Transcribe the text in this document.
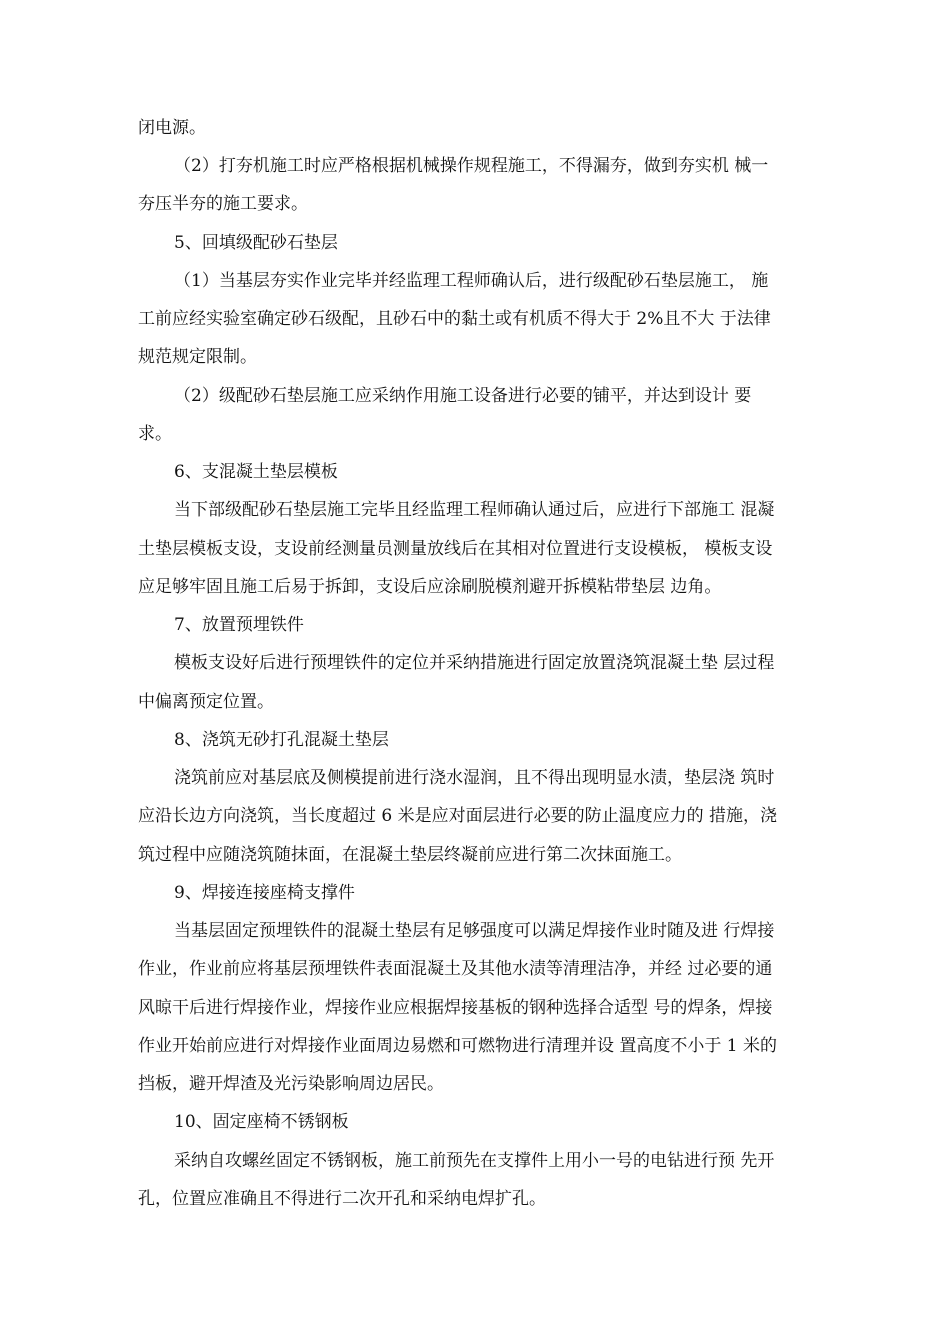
闭电源。
（2）打夯机施工时应严格根据机械操作规程施工，不得漏夯，做到夯实机 械一
夯压半夯的施工要求。
5、回填级配砂石垫层
（1）当基层夯实作业完毕并经监理工程师确认后，进行级配砂石垫层施工， 施
工前应经实验室确定砂石级配，且砂石中的黏土或有机质不得大于 2%且不大 于法律
规范规定限制。
（2）级配砂石垫层施工应采纳作用施工设备进行必要的铺平，并达到设计 要
求。
6、支混凝土垫层模板
当下部级配砂石垫层施工完毕且经监理工程师确认通过后，应进行下部施工 混凝
土垫层模板支设，支设前经测量员测量放线后在其相对位置进行支设模板， 模板支设
应足够牢固且施工后易于拆卸，支设后应涂刷脱模剂避开拆模粘带垫层 边角。
7、放置预埋铁件
模板支设好后进行预埋铁件的定位并采纳措施进行固定放置浇筑混凝土垫 层过程
中偏离预定位置。
8、浇筑无砂打孔混凝土垫层
浇筑前应对基层底及侧模提前进行浇水湿润，且不得出现明显水渍，垫层浇 筑时
应沿长边方向浇筑，当长度超过 6 米是应对面层进行必要的防止温度应力的 措施，浇
筑过程中应随浇筑随抹面，在混凝土垫层终凝前应进行第二次抹面施工。
9、焊接连接座椅支撑件
当基层固定预埋铁件的混凝土垫层有足够强度可以满足焊接作业时随及进 行焊接
作业，作业前应将基层预埋铁件表面混凝土及其他水渍等清理洁净，并经 过必要的通
风晾干后进行焊接作业，焊接作业应根据焊接基板的钢种选择合适型 号的焊条，焊接
作业开始前应进行对焊接作业面周边易燃和可燃物进行清理并设 置高度不小于 1 米的
挡板，避开焊渣及光污染影响周边居民。
10、固定座椅不锈钢板
采纳自攻螺丝固定不锈钢板，施工前预先在支撑件上用小一号的电钻进行预 先开
孔，位置应准确且不得进行二次开孔和采纳电焊扩孔。
